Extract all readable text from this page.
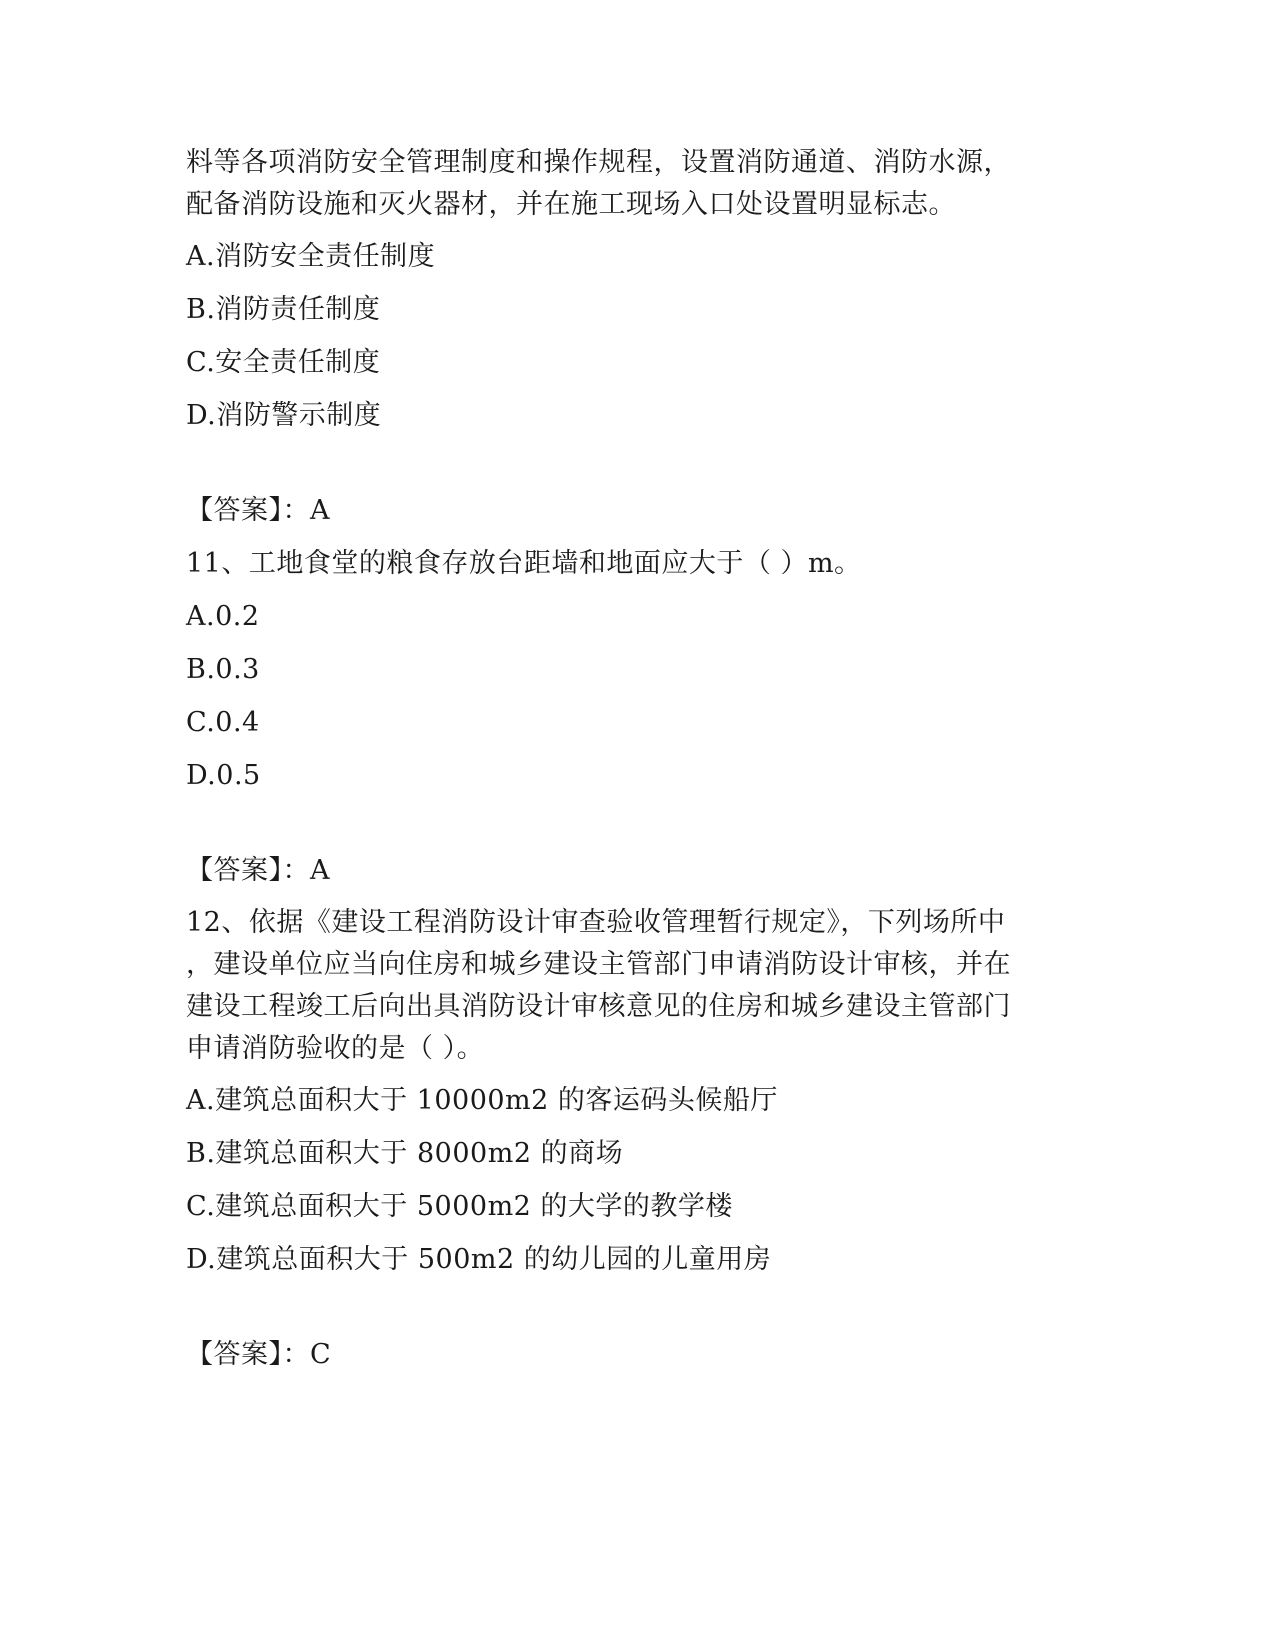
料等各项消防安全管理制度和操作规程，设置消防通道、消防水源，
配备消防设施和灭火器材，并在施工现场入口处设置明显标志。
A.消防安全责任制度
B.消防责任制度
C.安全责任制度
D.消防警示制度
【答案】：A
11、工地食堂的粮食存放台距墙和地面应大于（ ）m。
A.0.2
B.0.3
C.0.4
D.0.5
【答案】：A
12、依据《建设工程消防设计审查验收管理暂行规定》，下列场所中
，建设单位应当向住房和城乡建设主管部门申请消防设计审核，并在
建设工程竣工后向出具消防设计审核意见的住房和城乡建设主管部门
申请消防验收的是（ ）。
A.建筑总面积大于 10000m2 的客运码头候船厅
B.建筑总面积大于 8000m2 的商场
C.建筑总面积大于 5000m2 的大学的教学楼
D.建筑总面积大于 500m2 的幼儿园的儿童用房
【答案】：C
